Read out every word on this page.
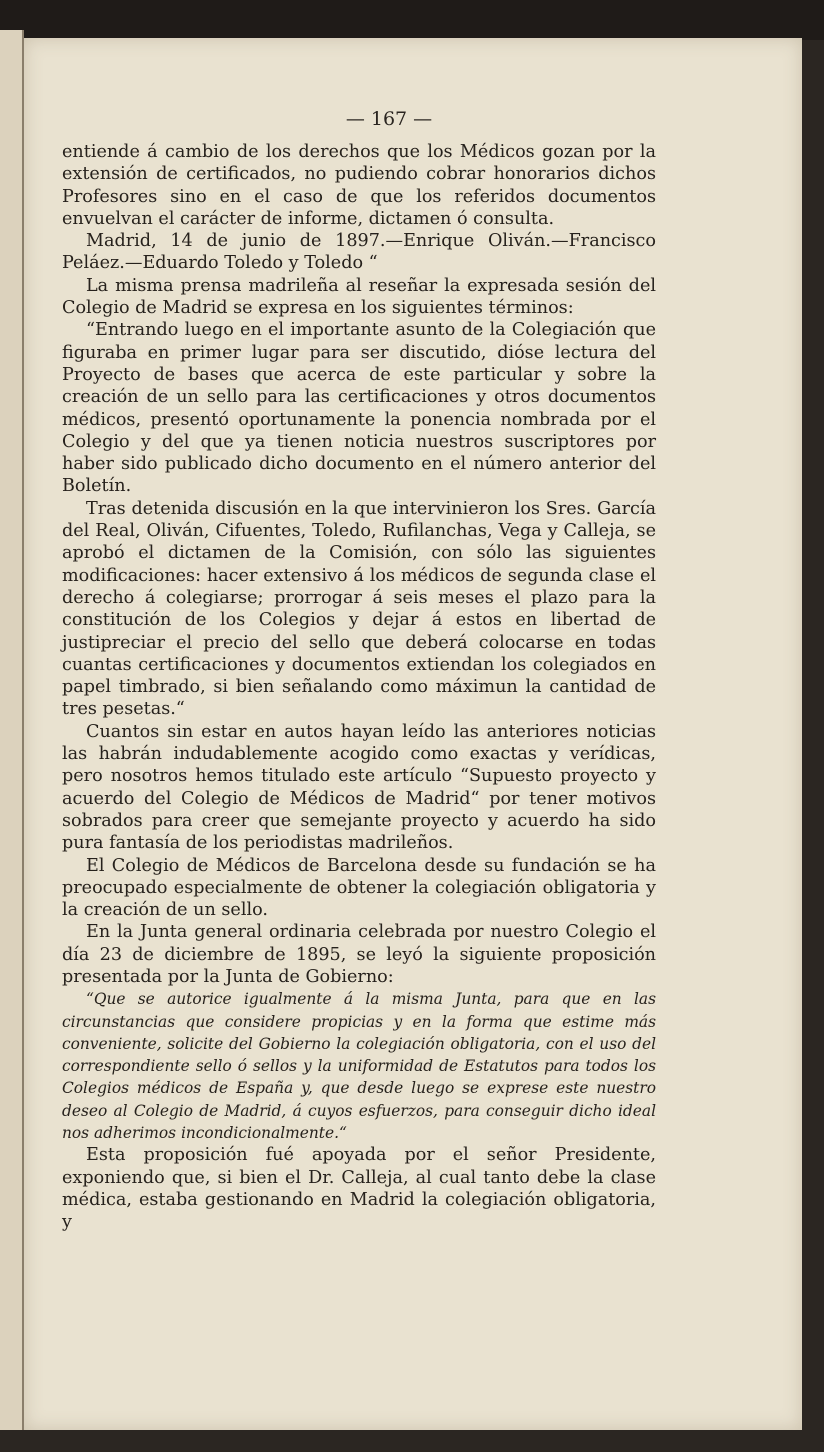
— 167 —

entiende á cambio de los derechos que los Médicos gozan por la extensión de certificados, no pudiendo cobrar honorarios dichos Profesores sino en el caso de que los referidos documentos envuelvan el carácter de informe, dictamen ó consulta.

Madrid, 14 de junio de 1897.—Enrique Oliván.—Francisco Peláez.—Eduardo Toledo y Toledo “

La misma prensa madrileña al reseñar la expresada sesión del Colegio de Madrid se expresa en los siguientes términos:

“Entrando luego en el importante asunto de la Colegiación que figuraba en primer lugar para ser discutido, dióse lectura del Proyecto de bases que acerca de este particular y sobre la creación de un sello para las certificaciones y otros documentos médicos, presentó oportunamente la ponencia nombrada por el Colegio y del que ya tienen noticia nuestros suscriptores por haber sido publicado dicho documento en el número anterior del Boletín.

Tras detenida discusión en la que intervinieron los Sres. García del Real, Oliván, Cifuentes, Toledo, Rufilanchas, Vega y Calleja, se aprobó el dictamen de la Comisión, con sólo las siguientes modificaciones: hacer extensivo á los médicos de segunda clase el derecho á colegiarse; prorrogar á seis meses el plazo para la constitución de los Colegios y dejar á estos en libertad de justipreciar el precio del sello que deberá colocarse en todas cuantas certificaciones y documentos extiendan los colegiados en papel timbrado, si bien señalando como máximun la cantidad de tres pesetas.“

Cuantos sin estar en autos hayan leído las anteriores noticias las habrán indudablemente acogido como exactas y verídicas, pero nosotros hemos titulado este artículo “Supuesto proyecto y acuerdo del Colegio de Médicos de Madrid“ por tener motivos sobrados para creer que semejante proyecto y acuerdo ha sido pura fantasía de los periodistas madrileños.

El Colegio de Médicos de Barcelona desde su fundación se ha preocupado especialmente de obtener la colegiación obligatoria y la creación de un sello.

En la Junta general ordinaria celebrada por nuestro Colegio el día 23 de diciembre de 1895, se leyó la siguiente proposición presentada por la Junta de Gobierno:

“Que se autorice igualmente á la misma Junta, para que en las circunstancias que considere propicias y en la forma que estime más conveniente, solicite del Gobierno la colegiación obligatoria, con el uso del correspondiente sello ó sellos y la uniformidad de Estatutos para todos los Colegios médicos de España y, que desde luego se exprese este nuestro deseo al Colegio de Madrid, á cuyos esfuerzos, para conseguir dicho ideal nos adherimos incondicionalmente.“

Esta proposición fué apoyada por el señor Presidente, exponiendo que, si bien el Dr. Calleja, al cual tanto debe la clase médica, estaba gestionando en Madrid la colegiación obligatoria, y
